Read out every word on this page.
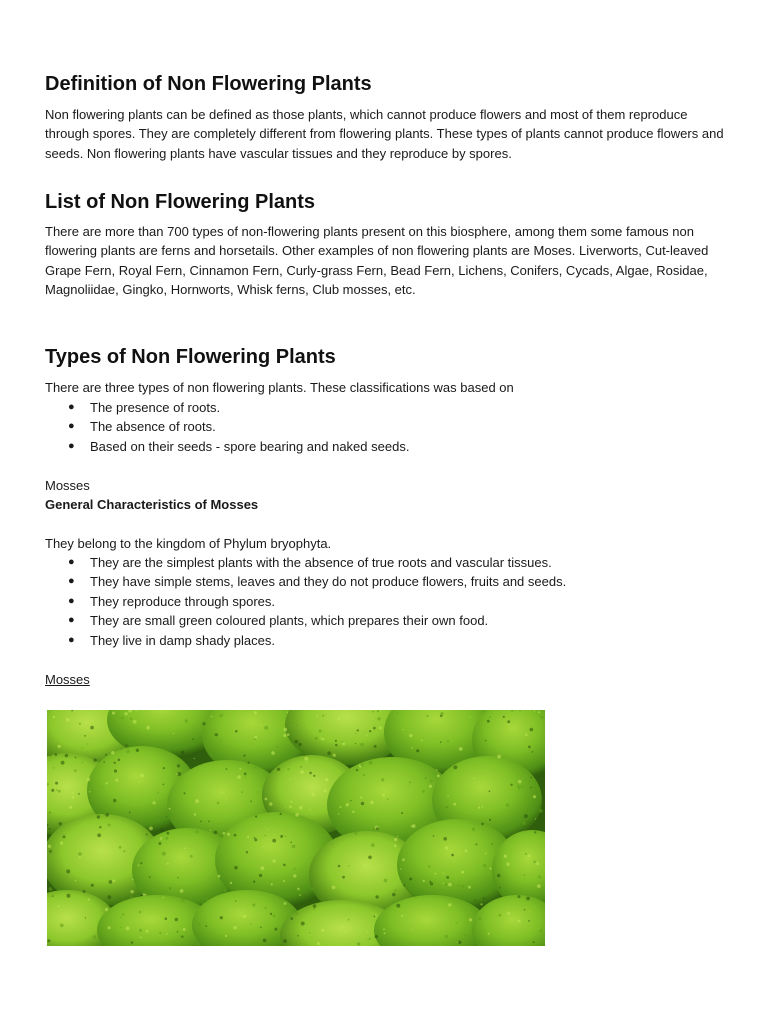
Definition of Non Flowering Plants

Non flowering plants can be defined as those plants, which cannot produce flowers and most of them reproduce through spores. They are completely different from flowering plants. These types of plants cannot produce flowers and seeds. Non flowering plants have vascular tissues and they reproduce by spores.

List of Non Flowering Plants

There are more than 700 types of non-flowering plants present on this biosphere, among them some famous non flowering plants are ferns and horsetails. Other examples of non flowering plants are Moses. Liverworts, Cut-leaved Grape Fern, Royal Fern, Cinnamon Fern, Curly-grass Fern, Bead Fern, Lichens, Conifers, Cycads, Algae, Rosidae, Magnoliidae, Gingko, Hornworts, Whisk ferns, Club mosses, etc.

Types of Non Flowering Plants

There are three types of non flowering plants. These classifications was based on

● The presence of roots.
● The absence of roots.
● Based on their seeds - spore bearing and naked seeds.

Mosses

General Characteristics of Mosses

They belong to the kingdom of Phylum bryophyta.

● They are the simplest plants with the absence of true roots and vascular tissues.
● They have simple stems, leaves and they do not produce flowers, fruits and seeds.
● They reproduce through spores.
● They are small green coloured plants, which prepares their own food.
● They live in damp shady places.

Mosses
